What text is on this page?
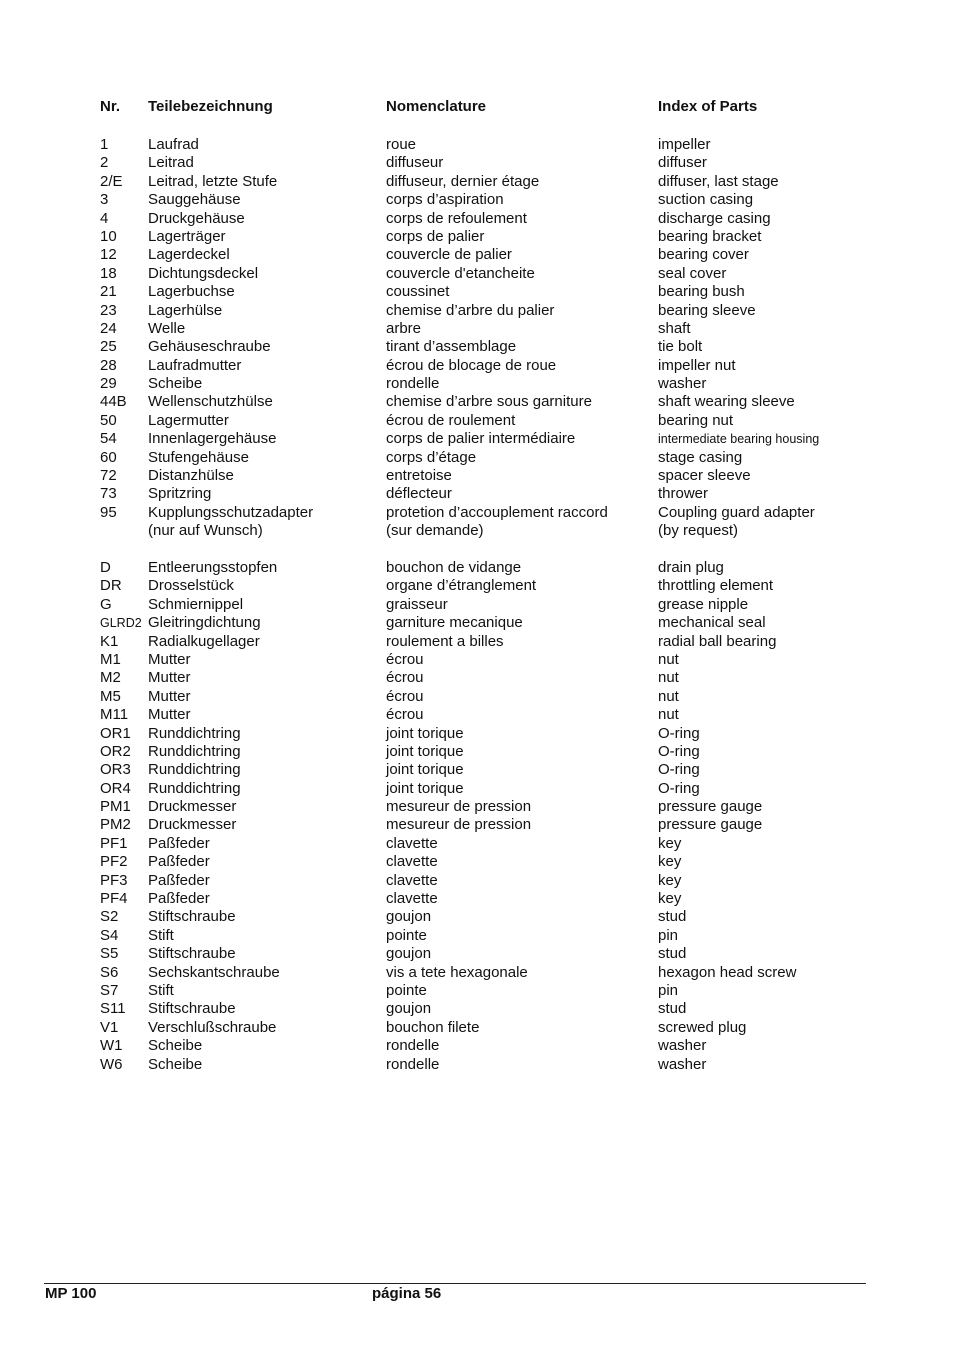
Nr. Teilebezeichnung	Nomenclature	Index of Parts
1	Laufrad	roue	impeller
2	Leitrad	diffuseur	diffuser
2/E Leitrad, letzte Stufe	diffuseur, dernier étage	diffuser, last stage
3	Sauggehäuse	corps d’aspiration	suction casing
4	Druckgehäuse	corps de refoulement	discharge casing
10 Lagerträger	corps de palier	bearing bracket
12 Lagerdeckel	couvercle de palier	bearing cover
18 Dichtungsdeckel	couvercle d'etancheite	seal cover
21 Lagerbuchse	coussinet	bearing bush
23 Lagerhülse	chemise d’arbre du palier	bearing sleeve
24 Welle	arbre	shaft
25 Gehäuseschraube	tirant d’assemblage	tie bolt
28 Laufradmutter	écrou de blocage de roue	impeller nut
29 Scheibe	rondelle	washer
44B Wellenschutzhülse	chemise d’arbre sous garniture	shaft wearing sleeve
50 Lagermutter	écrou de roulement	bearing nut
54 Innenlagergehäuse	corps de palier intermédiaire	intermediate bearing housing
60 Stufengehäuse	corps d’étage	stage casing
72 Distanzhülse	entretoise	spacer sleeve
73 Spritzring	déflecteur	thrower
95 Kupplungsschutzadapter	protetion d’accouplement raccord	Coupling guard adapter
(nur auf Wunsch)	(sur demande)	(by request)
D Entleerungsstopfen	bouchon de vidange	drain plug
DR Drosselstück	organe d’étranglement	throttling element
G Schmiernippel	graisseur	grease nipple
GLRD2 Gleitringdichtung	garniture mecanique	mechanical seal
K1 Radialkugellager	roulement a billes	radial ball bearing
M1 Mutter	écrou	nut
M2 Mutter	écrou	nut
M5 Mutter	écrou	nut
M11 Mutter	écrou	nut
OR1 Runddichtring	joint torique	O-ring
OR2 Runddichtring	joint torique	O-ring
OR3 Runddichtring	joint torique	O-ring
OR4 Runddichtring	joint torique	O-ring
PM1 Druckmesser	mesureur de pression	pressure gauge
PM2 Druckmesser	mesureur de pression	pressure gauge
PF1 Paßfeder	clavette	key
PF2 Paßfeder	clavette	key
PF3 Paßfeder	clavette	key
PF4 Paßfeder	clavette	key
S2 Stiftschraube	goujon	stud
S4 Stift	pointe	pin
S5 Stiftschraube	goujon	stud
S6 Sechskantschraube	vis a tete hexagonale	hexagon head screw
S7 Stift	pointe	pin
S11 Stiftschraube	goujon	stud
V1 Verschlußschraube	bouchon filete	screwed plug
W1 Scheibe	rondelle	washer
W6 Scheibe	rondelle	washer
MP 100	página 56
